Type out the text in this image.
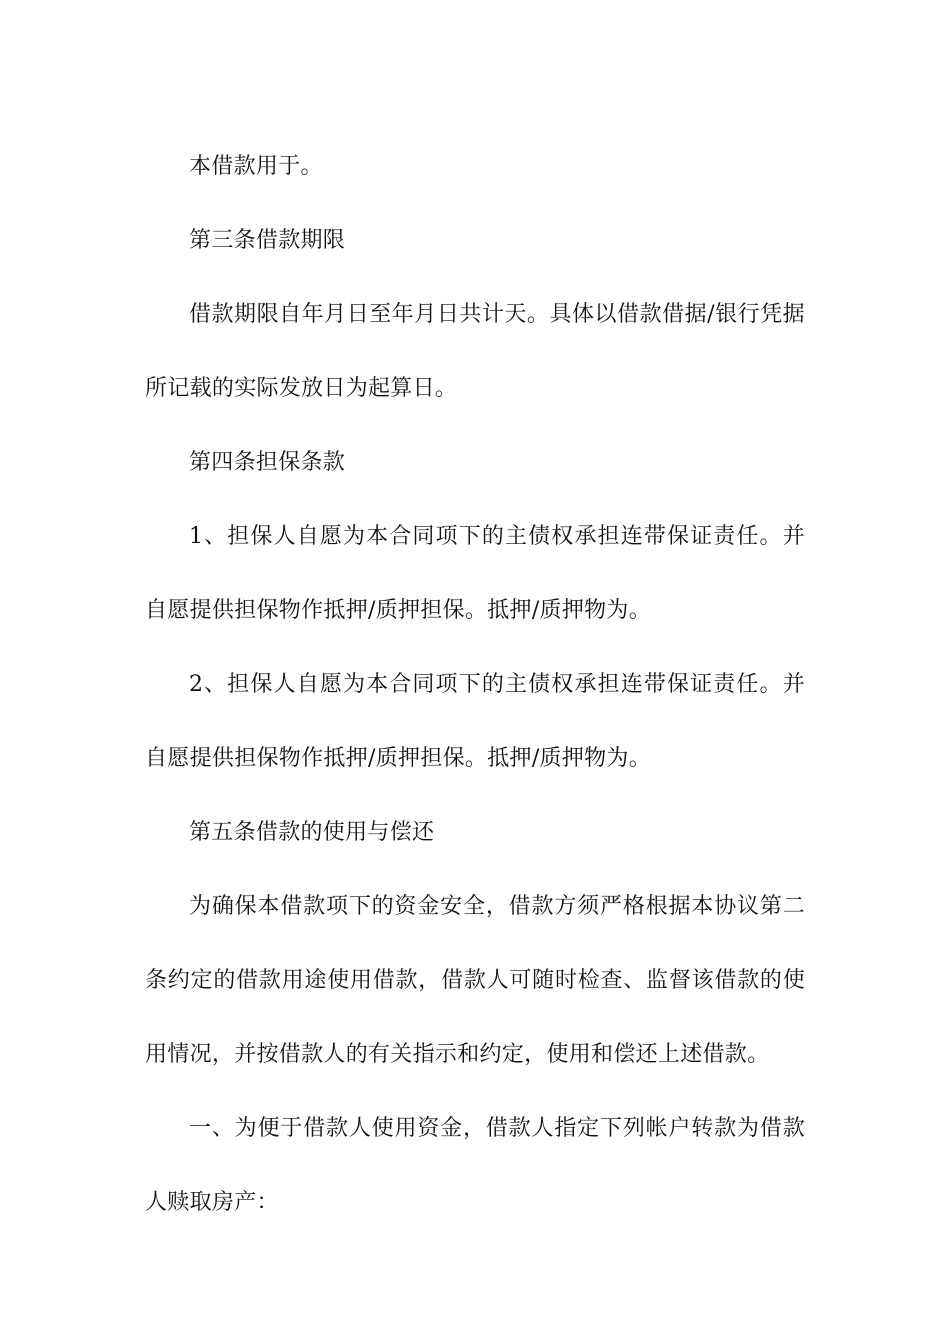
本借款用于。

第三条借款期限

借款期限自年月日至年月日共计天。具体以借款借据/银行凭据所记载的实际发放日为起算日。

第四条担保条款

1、担保人自愿为本合同项下的主债权承担连带保证责任。并自愿提供担保物作抵押/质押担保。抵押/质押物为。

2、担保人自愿为本合同项下的主债权承担连带保证责任。并自愿提供担保物作抵押/质押担保。抵押/质押物为。

第五条借款的使用与偿还

为确保本借款项下的资金安全，借款方须严格根据本协议第二条约定的借款用途使用借款，借款人可随时检查、监督该借款的使用情况，并按借款人的有关指示和约定，使用和偿还上述借款。

一、为便于借款人使用资金，借款人指定下列帐户转款为借款人赎取房产：
